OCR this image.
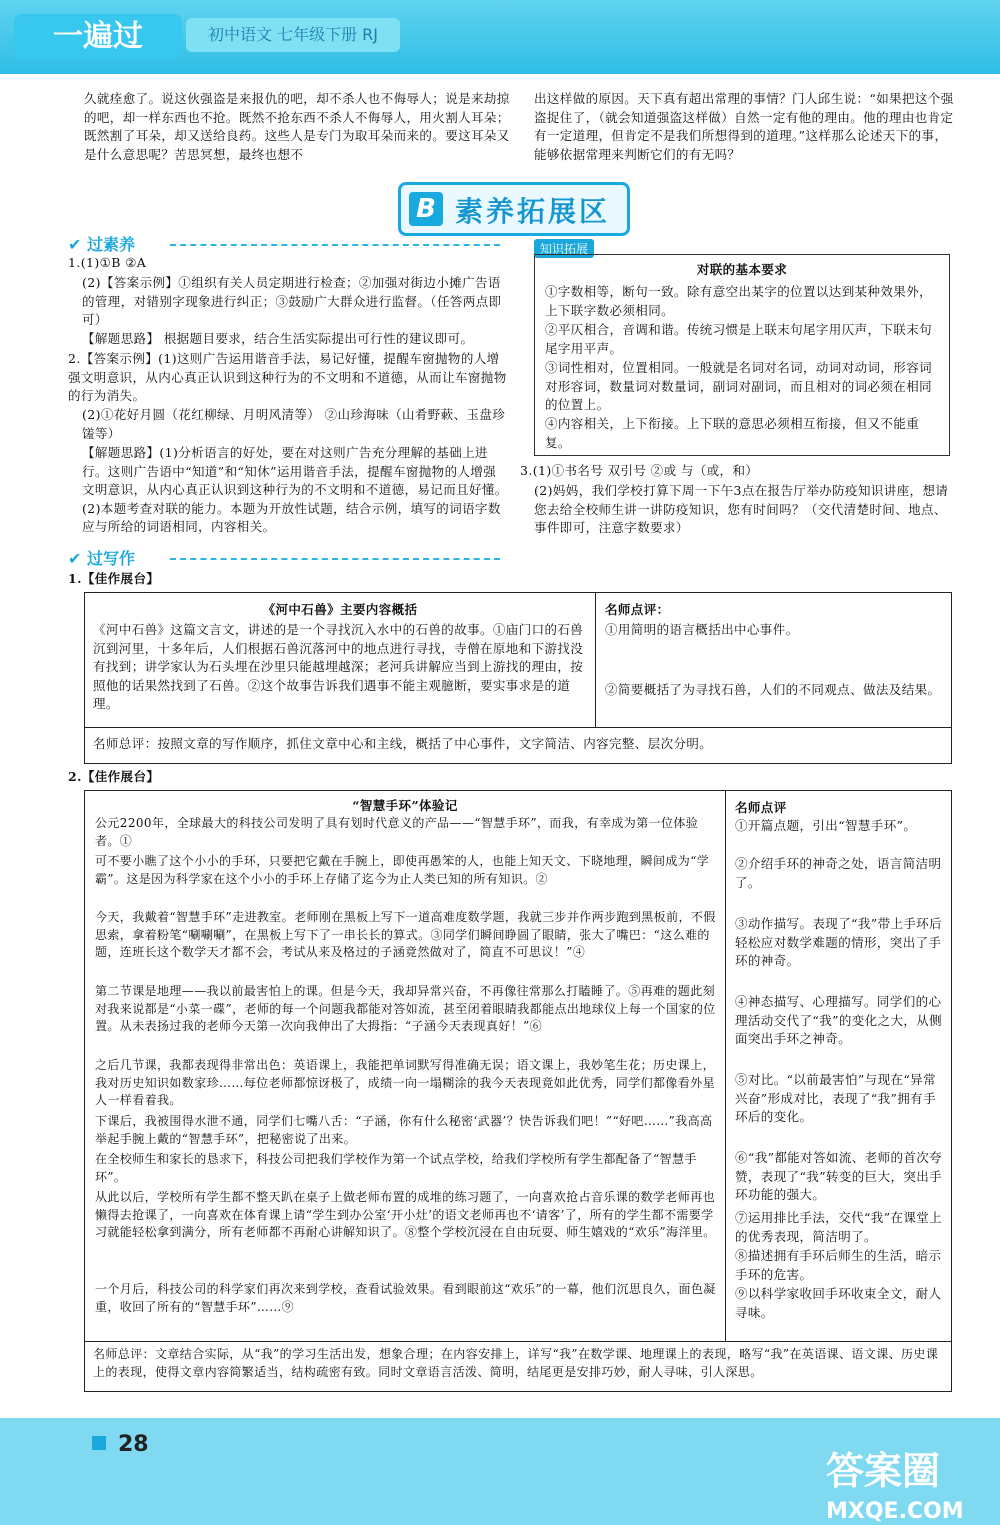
一遍过	初中语文 七年级下册 RJ
久就痊愈了。说这伙强盗是来报仇的吧，却不杀人也不侮辱人；说是来劫掠的吧，却一样东西也不抢。既然不抢东西不杀人不侮辱人，用火割人耳朵；既然割了耳朵，却又送给良药。这些人是专门为取耳朵而来的。要这耳朵又是什么意思呢？苦思冥想，最终也想不
出这样做的原因。天下真有超出常理的事情？门人邱生说：“如果把这个强盗捉住了，（就会知道强盗这样做）自然一定有他的理由。他的理由也肯定有一定道理，但肯定不是我们所想得到的道理。”这样那么论述天下的事，能够依据常理来判断它们的有无吗？
B 素养拓展区
✔ 过素养
1.(1)①B ②A
(2)【答案示例】①组织有关人员定期进行检查；②加强对街边小摊广告语的管理，对错别字现象进行纠正；③鼓励广大群众进行监督。（任答两点即可）
【解题思路】 根据题目要求，结合生活实际提出可行性的建议即可。
2.【答案示例】(1)这则广告运用谐音手法，易记好懂，提醒车窗抛物的人增强文明意识，从内心真正认识到这种行为的不文明和不道德，从而让车窗抛物的行为消失。
(2)①花好月圆（花红柳绿、月明风清等） ②山珍海味（山肴野蔌、玉盘珍馐等）
【解题思路】(1)分析语言的好处，要在对这则广告充分理解的基础上进行。这则广告语中“知道”和“知休”运用谐音手法，提醒车窗抛物的人增强文明意识，从内心真正认识到这种行为的不文明和不道德，易记而且好懂。(2)本题考查对联的能力。本题为开放性试题，结合示例，填写的词语字数应与所给的词语相同，内容相关。
知识拓展
对联的基本要求
①字数相等，断句一致。除有意空出某字的位置以达到某种效果外，上下联字数必须相同。
②平仄相合，音调和谐。传统习惯是上联末句尾字用仄声，下联末句尾字用平声。
③词性相对，位置相同。一般就是名词对名词，动词对动词，形容词对形容词，数量词对数量词，副词对副词，而且相对的词必须在相同的位置上。
④内容相关，上下衔接。上下联的意思必须相互衔接，但又不能重复。
3.(1)①书名号 双引号 ②或 与（或，和）
(2)妈妈，我们学校打算下周一下午3点在报告厅举办防疫知识讲座，想请您去给全校师生讲一讲防疫知识，您有时间吗？（交代清楚时间、地点、事件即可，注意字数要求）
✔ 过写作
1.【佳作展台】
《河中石兽》主要内容概括
《河中石兽》这篇文言文，讲述的是一个寻找沉入水中的石兽的故事。①庙门口的石兽沉到河里，十多年后，人们根据石兽沉落河中的地点进行寻找，寺僧在原地和下游找没有找到；讲学家认为石头埋在沙里只能越埋越深；老河兵讲解应当到上游找的理由，按照他的话果然找到了石兽。②这个故事告诉我们遇事不能主观臆断，要实事求是的道理。
名师点评：
①用简明的语言概括出中心事件。
②简要概括了为寻找石兽，人们的不同观点、做法及结果。
名师总评：按照文章的写作顺序，抓住文章中心和主线，概括了中心事件，文字简洁、内容完整、层次分明。
2.【佳作展台】
“智慧手环”体验记
公元2200年，全球最大的科技公司发明了具有划时代意义的产品——“智慧手环”，而我，有幸成为第一位体验者。①
可不要小瞧了这个小小的手环，只要把它戴在手腕上，即使再愚笨的人，也能上知天文、下晓地理，瞬间成为“学霸”。这是因为科学家在这个小小的手环上存储了迄今为止人类已知的所有知识。②
今天，我戴着“智慧手环”走进教室。老师刚在黑板上写下一道高难度数学题，我就三步并作两步跑到黑板前，不假思索，拿着粉笔“唰唰唰”，在黑板上写下了一串长长的算式。③同学们瞬间睁圆了眼睛，张大了嘴巴：“这么难的题，连班长这个数学天才都不会，考试从来及格过的子涵竟然做对了，简直不可思议！”④
第二节课是地理——我以前最害怕上的课。但是今天，我却异常兴奋，不再像往常那么打瞌睡了。⑤再难的题此刻对我来说都是“小菜一碟”，老师的每一个问题我都能对答如流，甚至闭着眼睛我都能点出地球仪上每一个国家的位置。从未表扬过我的老师今天第一次向我伸出了大拇指：“子涵今天表现真好！”⑥
之后几节课，我都表现得非常出色：英语课上，我能把单词默写得准确无误；语文课上，我妙笔生花；历史课上，我对历史知识如数家珍……每位老师都惊讶极了，成绩一向一塌糊涂的我今天表现竟如此优秀，同学们都像看外星人一样看着我。
下课后，我被围得水泄不通，同学们七嘴八舌：“子涵，你有什么秘密‘武器’？快告诉我们吧！”“好吧……”我高高举起手腕上戴的“智慧手环”，把秘密说了出来。
在全校师生和家长的恳求下，科技公司把我们学校作为第一个试点学校，给我们学校所有学生都配备了“智慧手环”。
从此以后，学校所有学生都不整天趴在桌子上做老师布置的成堆的练习题了，一向喜欢抢占音乐课的数学老师再也懒得去抢课了，一向喜欢在体育课上请“学生到办公室‘开小灶’的语文老师再也不‘请客’了，所有的学生都不需要学习就能轻松拿到满分，所有老师都不再耐心讲解知识了。⑧整个学校沉浸在自由玩耍、师生嬉戏的“欢乐”海洋里。
一个月后，科技公司的科学家们再次来到学校，查看试验效果。看到眼前这“欢乐”的一幕，他们沉思良久，面色凝重，收回了所有的“智慧手环”……⑨
名师点评
①开篇点题，引出“智慧手环”。
②介绍手环的神奇之处，语言简洁明了。
③动作描写。表现了“我”带上手环后轻松应对数学难题的情形，突出了手环的神奇。
④神态描写、心理描写。同学们的心理活动交代了“我”的变化之大，从侧面突出手环之神奇。
⑤对比。“以前最害怕”与现在“异常兴奋”形成对比，表现了“我”拥有手环后的变化。
⑥“我”都能对答如流、老师的首次夸赞，表现了“我”转变的巨大，突出手环功能的强大。
⑦运用排比手法，交代“我”在课堂上的优秀表现，简洁明了。
⑧描述拥有手环后师生的生活，暗示手环的危害。
⑨以科学家收回手环收束全文，耐人寻味。
名师总评：文章结合实际，从“我”的学习生活出发，想象合理；在内容安排上，详写“我”在数学课、地理课上的表现，略写“我”在英语课、语文课、历史课上的表现，使得文章内容简繁适当，结构疏密有致。同时文章语言活泼、简明，结尾更是安排巧妙，耐人寻味，引人深思。
28
答案圈
MXQE.COM
